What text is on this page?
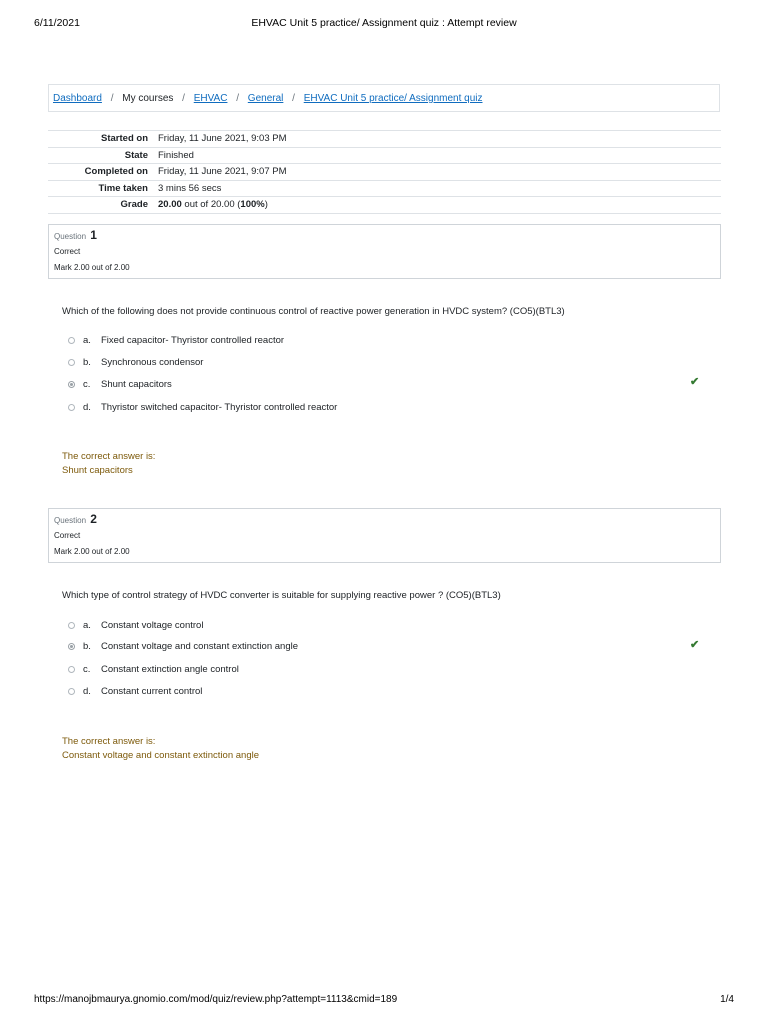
6/11/2021	EHVAC Unit 5 practice/ Assignment quiz : Attempt review
Dashboard / My courses / EHVAC / General / EHVAC Unit 5 practice/ Assignment quiz
Started on	Friday, 11 June 2021, 9:03 PM
State	Finished
Completed on	Friday, 11 June 2021, 9:07 PM
Time taken	3 mins 56 secs
Grade	20.00 out of 20.00 (100%)
Question 1
Correct
Mark 2.00 out of 2.00
Which of the following does not provide continuous control of reactive power generation in HVDC system? (CO5)(BTL3)
a. Fixed capacitor- Thyristor controlled reactor
b. Synchronous condensor
c. Shunt capacitors
d. Thyristor switched capacitor- Thyristor controlled reactor
✔
The correct answer is:
Shunt capacitors
Question 2
Correct
Mark 2.00 out of 2.00
Which type of control strategy of HVDC converter is suitable for supplying reactive power ? (CO5)(BTL3)
a. Constant voltage control
b. Constant voltage and constant extinction angle
c. Constant extinction angle control
d. Constant current control
✔
The correct answer is:
Constant voltage and constant extinction angle
https://manojbmaurya.gnomio.com/mod/quiz/review.php?attempt=1113&cmid=189	1/4
